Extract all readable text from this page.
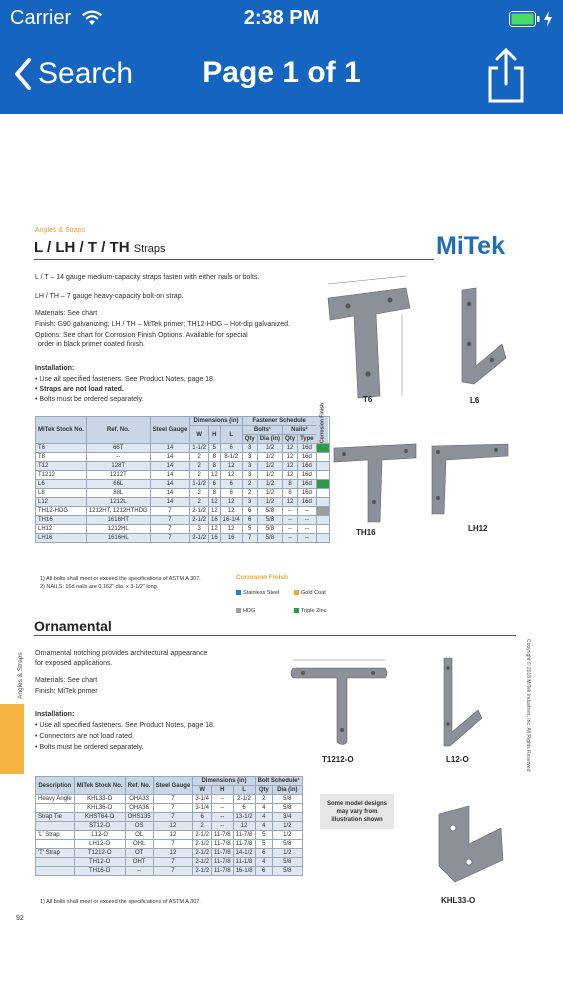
Carrier	2:38 PM
Search	Page 1 of 1
Angles & Straps
L / LH / T / TH Straps	MiTek
L / T – 14 gauge medium-capacity straps fasten with either nails or bolts.
LH / TH – 7 gauge heavy-capacity bolt-on strap.
Materials: See chart
Finish: G90 galvanizing; LH / TH – MiTek primer; TH12-HDG – Hot-dip galvanized.
Options: See chart for Corrosion Finish Options. Available for special
order in black primer coated finish.
Installation:
• Use all specified fasteners. See Product Notes, page 18.
• Straps are not load rated.
• Bolts must be ordered separately.
MiTek Stock No.	Ref. No.	Steel Gauge	Dimensions (in)			Fastener Schedule				Corrosion Finish
			W	H	L	Bolts¹		Nails²		
						Qty	Dia (in)	Qty	Type	
T6	66T	14	1-1/2	5	6	3	1/2	12	16d	
T8	--	14	2	8	8-1/2	3	1/2	12	16d	
T12	128T	14	2	8	12	3	1/2	12	16d	
T1212	1212T	14	2	12	12	3	1/2	12	16d	
L6	66L	14	1-1/2	6	6	2	1/2	8	16d	
L8	88L	14	2	8	8	2	1/2	8	16d	
L12	1212L	14	2	12	12	3	1/2	12	16d	
TH12-HDG	1212HT, 1212HTHDG	7	2-1/2	12	12	6	5/8	--	--	
TH16	1616HT	7	2-1/2	16	16-1/4	6	5/8	--	--	
LH12	1212HL	7	3	12	12	5	5/8	--	--	
LH16	1616HL	7	2-1/2	16	16	7	5/8	--	--	
1) All bolts shall meet or exceed the specifications of ASTM A 307.
2) NAILS: 16d nails are 0.162" dia. x 3-1/2" long.
Corrosion Finish
Stainless Steel	Gold Coat
HDG	Triple Zinc
T6	L6
TH16	LH12
Ornamental
Ornamental notching provides architectural appearance
for exposed applications.
Materials: See chart
Finish: MiTek primer
Installation:
• Use all specified fasteners. See Product Notes, page 18.
• Connectors are not load rated.
• Bolts must be ordered separately.
Angles & Straps	Copyright © 2018 MiTek Industries, Inc. All Rights Reserved
Description	MiTek Stock No.	Ref. No.	Steel Gauge	Dimensions (in)			Bolt Schedule¹	
				W	H	L	Qty	Dia (in)
Heavy Angle	KHL33-O	OHA33	7	3-1/4	--	2-1/2	2	5/8
	KHL36-O	OHA36	7	3-1/4	--	6	4	5/8
Strap Tie	KHST64-O	OHS135	7	6	--	13-1/2	4	3/4
	ST12-O	OS	12	2	--	12	4	1/2
'L' Strap	L12-O	OL	12	2-1/2	11-7/8	11-7/8	5	1/2
	LH12-O	OHL	7	2-1/2	11-7/8	11-7/8	5	5/8
'T' Strap	T1212-O	OT	12	2-1/2	11-7/8	14-1/2	6	1/2
	TH12-O	OHT	7	2-1/2	11-7/8	11-1/8	4	5/8
	TH16-O	--	7	2-1/2	11-7/8	16-1/8	6	5/8
1) All bolts shall meet or exceed the specifications of ASTM A 307.
T1212-O	L12-O
Some model designs may vary from illustration shown
KHL33-O
92
